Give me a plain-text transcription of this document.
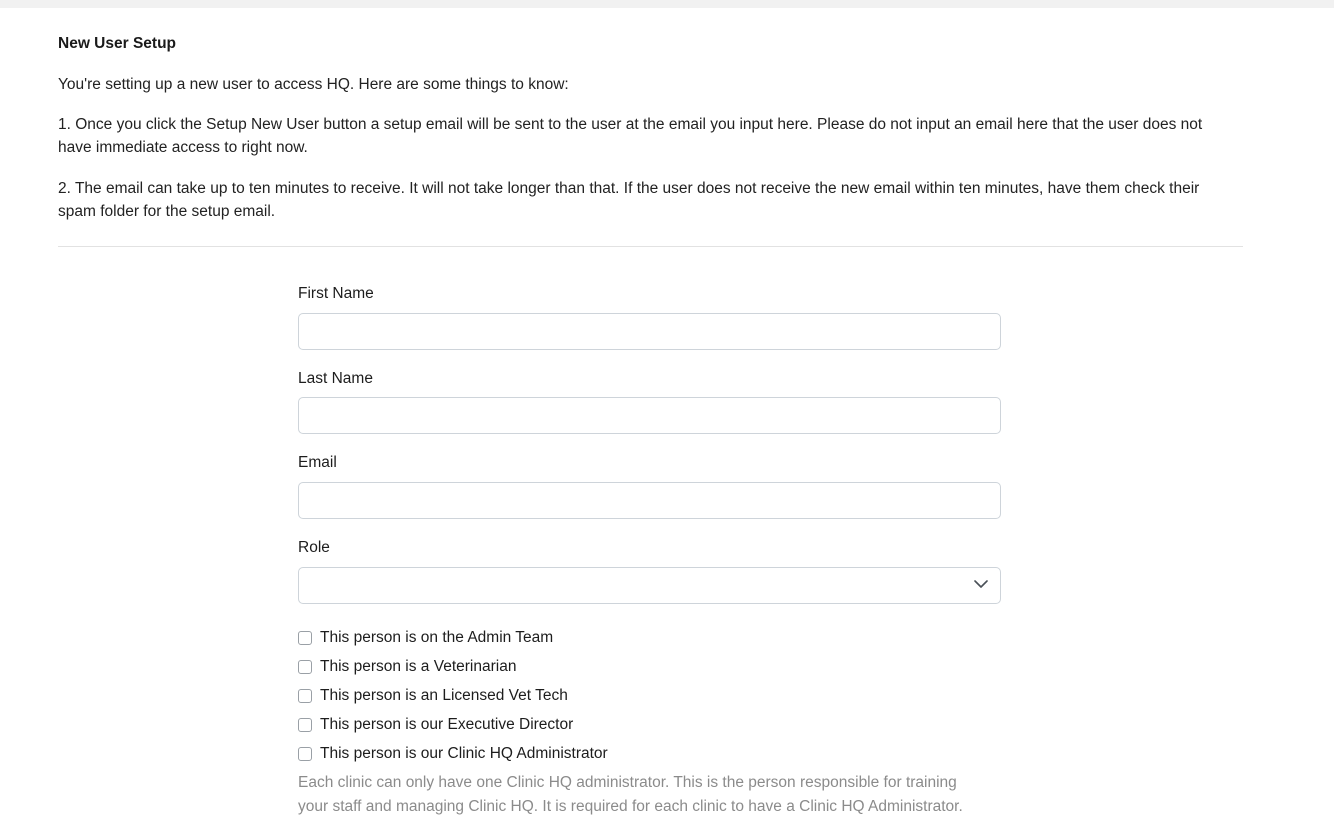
New User Setup
You're setting up a new user to access HQ. Here are some things to know:
1. Once you click the Setup New User button a setup email will be sent to the user at the email you input here. Please do not input an email here that the user does not have immediate access to right now.
2. The email can take up to ten minutes to receive. It will not take longer than that. If the user does not receive the new email within ten minutes, have them check their spam folder for the setup email.
First Name
Last Name
Email
Role
This person is on the Admin Team
This person is a Veterinarian
This person is an Licensed Vet Tech
This person is our Executive Director
This person is our Clinic HQ Administrator
Each clinic can only have one Clinic HQ administrator. This is the person responsible for training your staff and managing Clinic HQ. It is required for each clinic to have a Clinic HQ Administrator.
